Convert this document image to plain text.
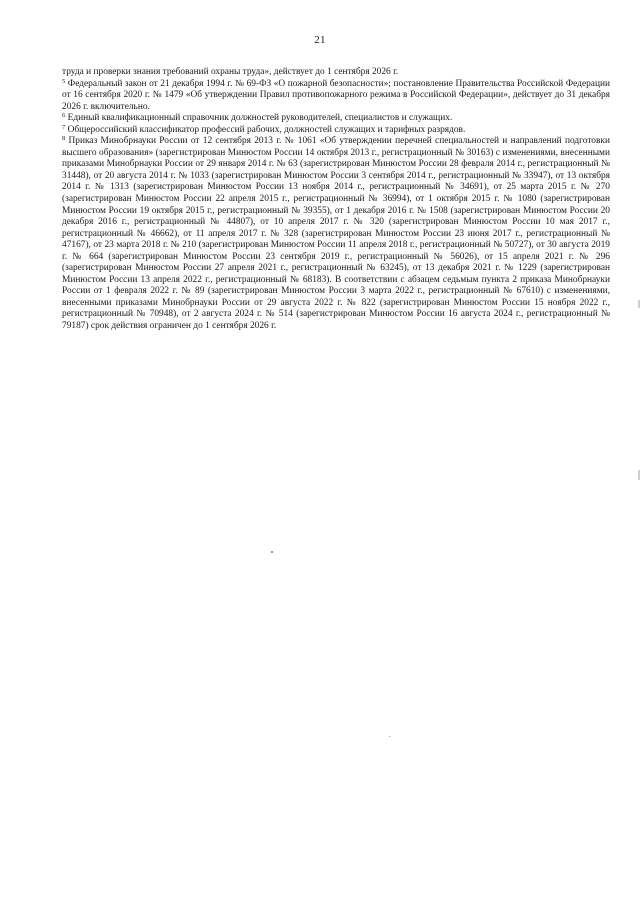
21

труда и проверки знания требований охраны труда», действует до 1 сентября 2026 г.

$^5$ Федеральный закон от 21 декабря 1994 г. № 69-ФЗ «О пожарной безопасности»; постановление Правительства Российской Федерации от 16 сентября 2020 г. № 1479 «Об утверждении Правил противопожарного режима в Российской Федерации», действует до 31 декабря 2026 г. включительно.

$^6$ Единый квалификационный справочник должностей руководителей, специалистов и служащих.

$^7$ Общероссийский классификатор профессий рабочих, должностей служащих и тарифных разрядов.

$^8$ Приказ Минобрнауки России от 12 сентября 2013 г. № 1061 «Об утверждении перечней специальностей и направлений подготовки высшего образования» (зарегистрирован Минюстом России 14 октября 2013 г., регистрационный № 30163) с изменениями, внесенными приказами Минобрнауки России от 29 января 2014 г. № 63 (зарегистрирован Минюстом России 28 февраля 2014 г., регистрационный № 31448), от 20 августа 2014 г. № 1033 (зарегистрирован Минюстом России 3 сентября 2014 г., регистрационный № 33947), от 13 октября 2014 г. № 1313 (зарегистрирован Минюстом России 13 ноября 2014 г., регистрационный № 34691), от 25 марта 2015 г. № 270 (зарегистрирован Минюстом России 22 апреля 2015 г., регистрационный № 36994), от 1 октября 2015 г. № 1080 (зарегистрирован Минюстом России 19 октября 2015 г., регистрационный № 39355), от 1 декабря 2016 г. № 1508 (зарегистрирован Минюстом России 20 декабря 2016 г., регистрационный № 44807), от 10 апреля 2017 г. № 320 (зарегистрирован Минюстом России 10 мая 2017 г., регистрационный № 46662), от 11 апреля 2017 г. № 328 (зарегистрирован Минюстом России 23 июня 2017 г., регистрационный № 47167), от 23 марта 2018 г. № 210 (зарегистрирован Минюстом России 11 апреля 2018 г., регистрационный № 50727), от 30 августа 2019 г. № 664 (зарегистрирован Минюстом России 23 сентября 2019 г., регистрационный № 56026), от 15 апреля 2021 г. № 296 (зарегистрирован Минюстом России 27 апреля 2021 г., регистрационный № 63245), от 13 декабря 2021 г. № 1229 (зарегистрирован Минюстом России 13 апреля 2022 г., регистрационный № 68183). В соответствии с абзацем седьмым пункта 2 приказа Минобрнауки России от 1 февраля 2022 г. № 89 (зарегистрирован Минюстом России 3 марта 2022 г., регистрационный № 67610) с изменениями, внесенными приказами Минобрнауки России от 29 августа 2022 г. № 822 (зарегистрирован Минюстом России 15 ноября 2022 г., регистрационный № 70948), от 2 августа 2024 г. № 514 (зарегистрирован Минюстом России 16 августа 2024 г., регистрационный № 79187) срок действия ограничен до 1 сентября 2026 г.
